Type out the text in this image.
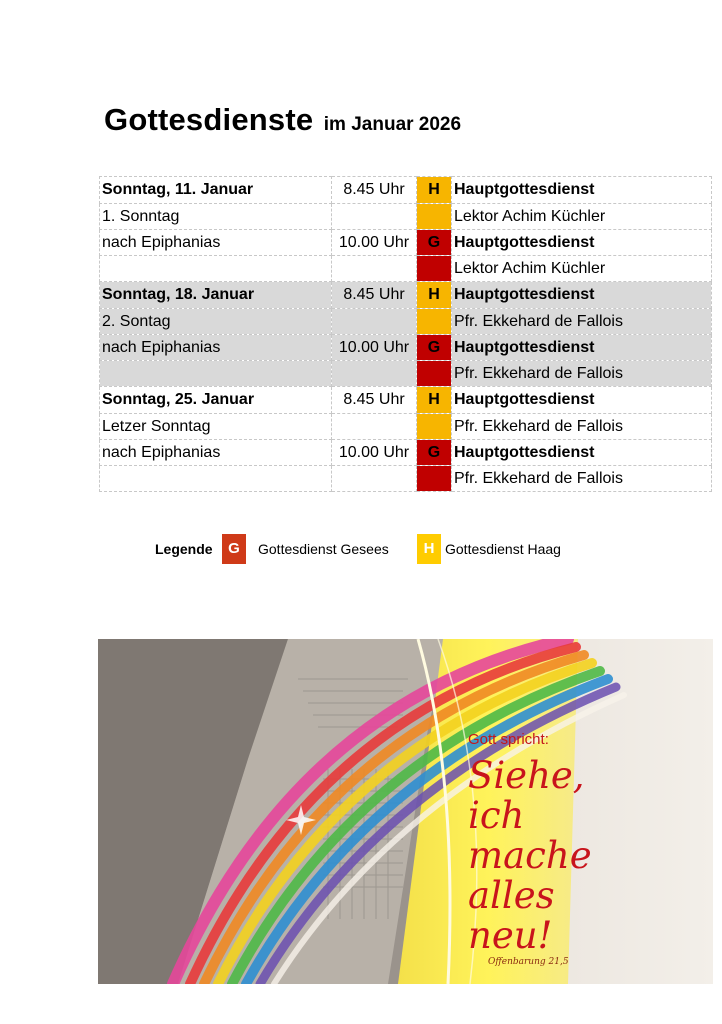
Gottesdienste im Januar 2026
Sonntag, 11. Januar	8.45 Uhr	H	Hauptgottesdienst
1. Sonntag			Lektor Achim Küchler
nach Epiphanias	10.00 Uhr	G	Hauptgottesdienst
			Lektor Achim Küchler
Sonntag, 18. Januar	8.45 Uhr	H	Hauptgottesdienst
2. Sontag			Pfr. Ekkehard de Fallois
nach Epiphanias	10.00 Uhr	G	Hauptgottesdienst
			Pfr. Ekkehard de Fallois
Sonntag, 25. Januar	8.45 Uhr	H	Hauptgottesdienst
Letzer Sonntag			Pfr. Ekkehard de Fallois
nach Epiphanias	10.00 Uhr	G	Hauptgottesdienst
			Pfr. Ekkehard de Fallois
Legende	G	Gottesdienst Gesees	H Gottesdienst Haag
Gott spricht:
Siehe,
ich
mache
alles
neu!
Offenbarung 21,5
